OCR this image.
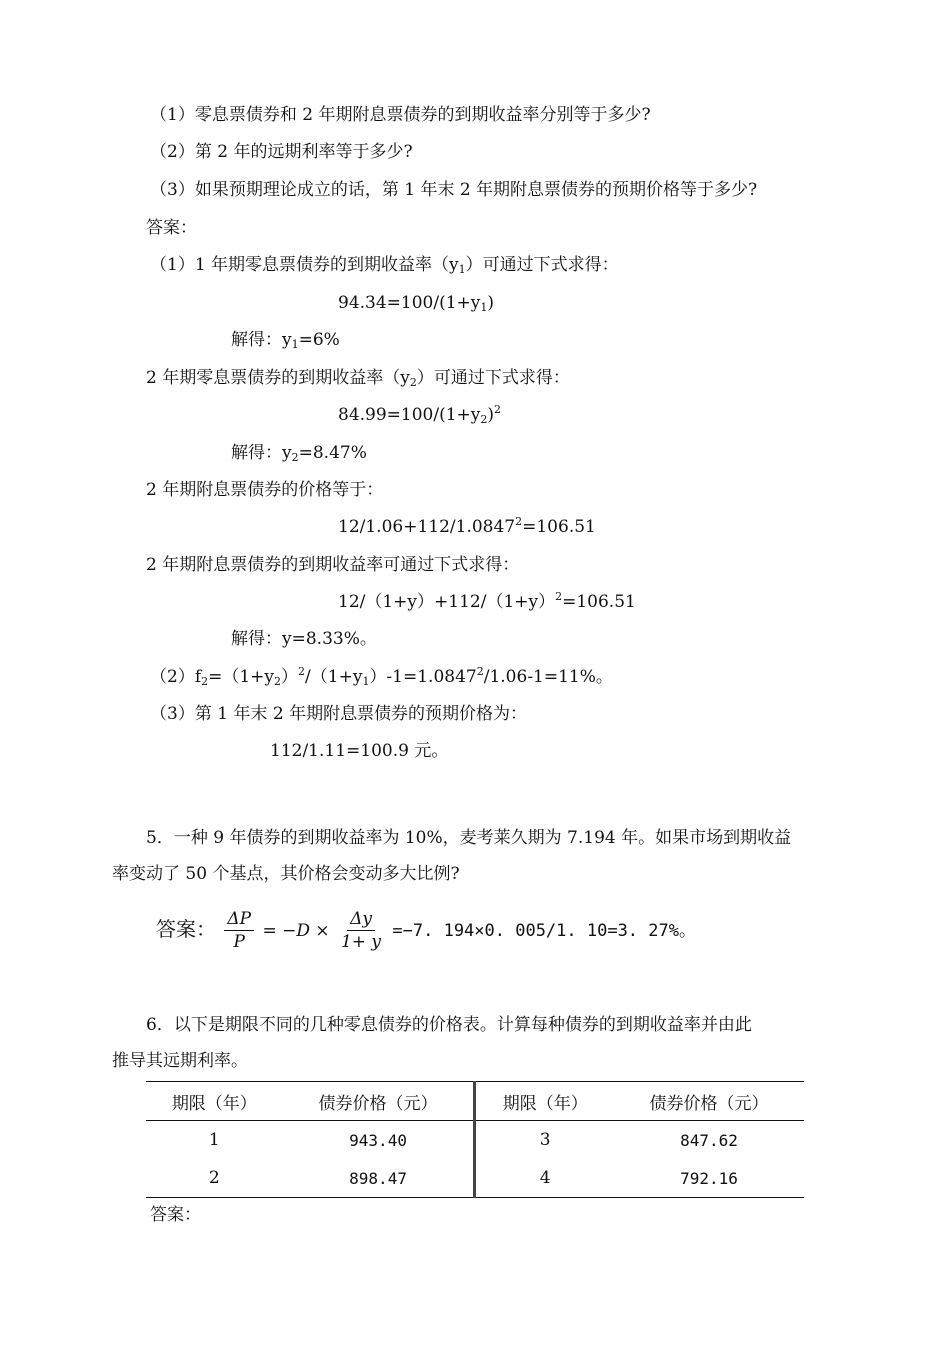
（1）零息票债券和 2 年期附息票债券的到期收益率分别等于多少?
（2）第 2 年的远期利率等于多少?
（3）如果预期理论成立的话，第 1 年末 2 年期附息票债券的预期价格等于多少?
答案：
（1）1 年期零息票债券的到期收益率$(y_1)$可通过下式求得：
$94.34=100/(1+y_1)$
解得：$y_1=6\%$
2 年期零息票债券的到期收益率$(y_2)$可通过下式求得：
$84.99=100/(1+y_2)^2$
解得：$y_2=8.47\%$
2 年期附息票债券的价格等于：
$12/1.06+112/1.0847^2=106.51$
2 年期附息票债券的到期收益率可通过下式求得：
$12/(1+y)+112/(1+y)^2=106.51$
解得：y=8.33%。
$(2)f_2=(1+y_2)^2/(1+y_1)-1=1.0847^2/1.06-1=11\%$。
（3）第 1 年末 2 年期附息票债券的预期价格为：
112/1.11=100.9 元。
5．一种 9 年债券的到期收益率为 10%，麦考莱久期为 7.194 年。如果市场到期收益
率变动了 50 个基点，其价格会变动多大比例?
答案： $\frac{\Delta P}{P} = -D \times \frac{\Delta y}{1+ y} =-7$. 194×0. 005/1. 10=3. 27%。
6．以下是期限不同的几种零息债券的价格表。计算每种债券的到期收益率并由此
推导其远期利率。
期限（年）	债券价格（元）	期限（年）	债券价格（元）
1	943.40	3	847.62
2	898.47	4	792.16
答案：
